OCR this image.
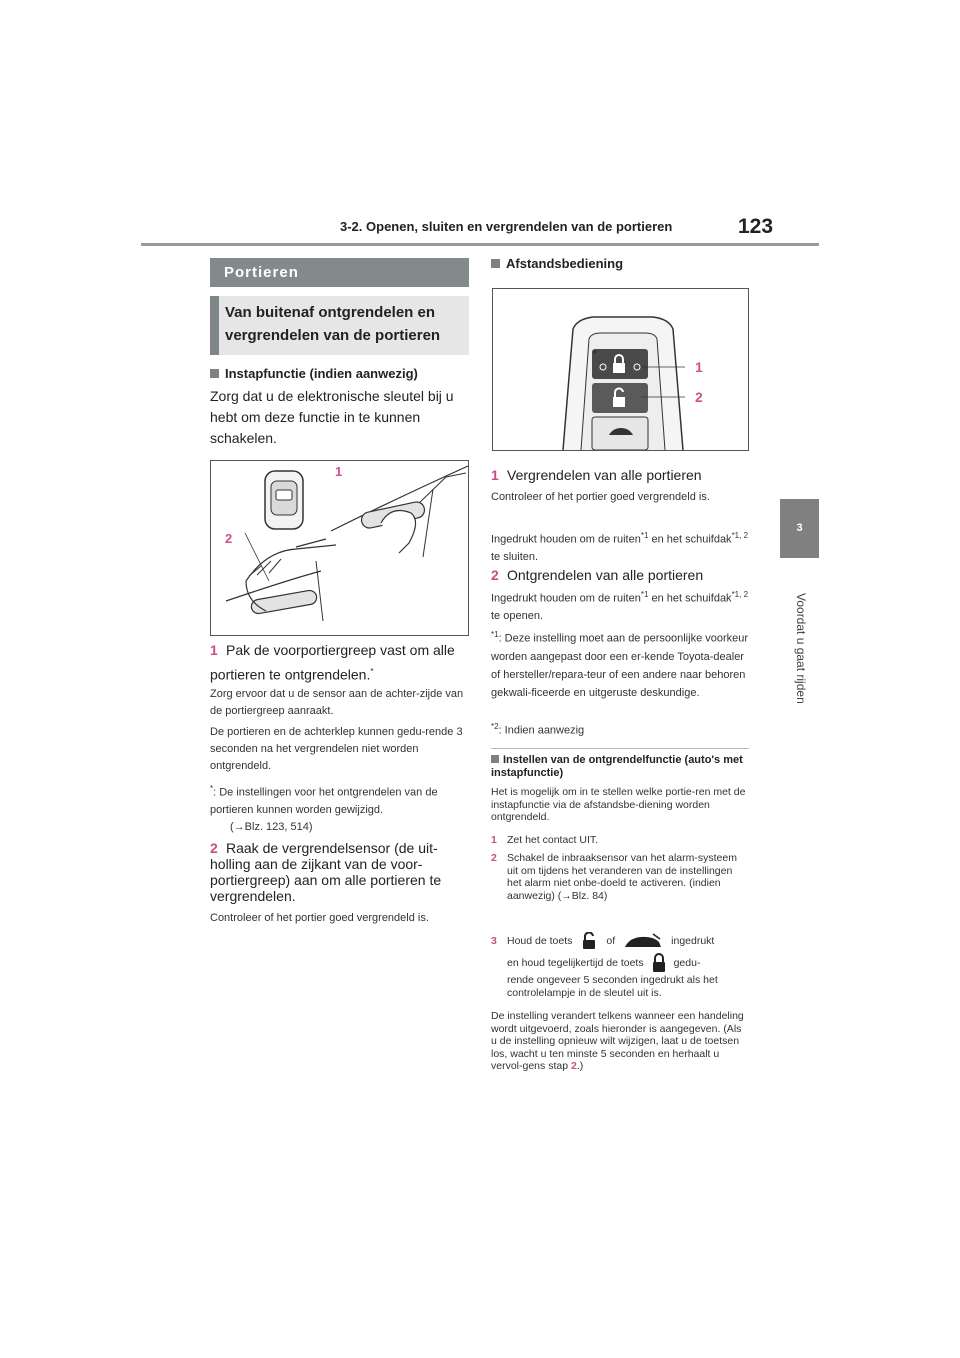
3-2. Openen, sluiten en vergrendelen van de portieren	123
3
Voordat u gaat rijden
Portieren
Van buitenaf ontgrendelen en vergrendelen van de portieren
Instapfunctie (indien aanwezig)
Zorg dat u de elektronische sleutel bij u hebt om deze functie in te kunnen schakelen.
1
2
1 Pak de voorportiergreep vast om alle portieren te ontgrendelen.*
Zorg ervoor dat u de sensor aan de achter-zijde van de portiergreep aanraakt.
De portieren en de achterklep kunnen gedu-rende 3 seconden na het vergrendelen niet worden ontgrendeld.
*: De instellingen voor het ontgrendelen van de portieren kunnen worden gewijzigd.
(→Blz. 123, 514)
2 Raak de vergrendelsensor (de uit-holling aan de zijkant van de voor-portiergreep) aan om alle portieren te vergrendelen.
Controleer of het portier goed vergrendeld is.
Afstandsbediening
1
2
1 Vergrendelen van alle portieren
Controleer of het portier goed vergrendeld is.
Ingedrukt houden om de ruiten$^{*1}$ en het schuifdak$^{*1, 2}$ te sluiten.
2 Ontgrendelen van alle portieren
Ingedrukt houden om de ruiten$^{*1}$ en het schuifdak$^{*1, 2}$ te openen.
$^{*1}$: Deze instelling moet aan de persoonlijke voorkeur worden aangepast door een er-kende Toyota-dealer of hersteller/repara-teur of een andere naar behoren gekwali-ficeerde en uitgeruste deskundige.
$^{*2}$: Indien aanwezig
Instellen van de ontgrendelfunctie (auto's met instapfunctie)
Het is mogelijk om in te stellen welke portie-ren met de instapfunctie via de afstandsbe-diening worden ontgrendeld.
1 Zet het contact UIT.
2 Schakel de inbraaksensor van het alarm-systeem uit om tijdens het veranderen van de instellingen het alarm niet onbe-doeld te activeren. (indien aanwezig) (→Blz. 84)
3 Houd de toets	of	ingedrukt
en houd tegelijkertijd de toets	gedu-
rende ongeveer 5 seconden ingedrukt als het controlelampje in de sleutel uit is.
De instelling verandert telkens wanneer een handeling wordt uitgevoerd, zoals hieronder is aangegeven. (Als u de instelling opnieuw wilt wijzigen, laat u de toetsen los, wacht u ten minste 5 seconden en herhaalt u vervol-gens stap 2.)
